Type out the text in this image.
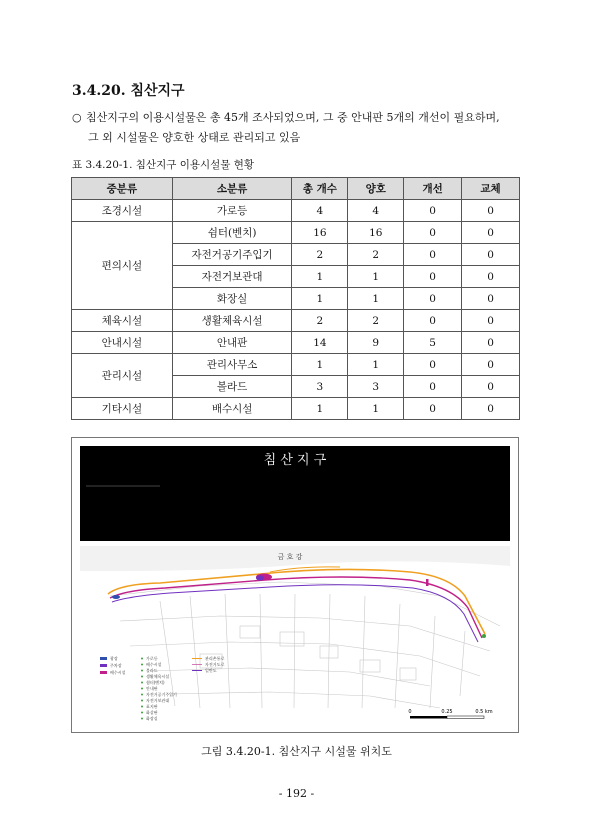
3.4.20. 침산지구
○ 침산지구의 이용시설물은 총 45개 조사되었으며, 그 중 안내판 5개의 개선이 필요하며,
그 외 시설물은 양호한 상태로 관리되고 있음
표 3.4.20-1. 침산지구 이용시설물 현황
중분류	소분류	총 개수	양호	개선	교체
조경시설	가로등	4	4	0	0
편의시설	쉼터(벤치)	16	16	0	0
	자전거공기주입기	2	2	0	0
	자전거보관대	1	1	0	0
	화장실	1	1	0	0
체육시설	생활체육시설	2	2	0	0
안내시설	안내판	14	9	5	0
관리시설	관리사무소	1	1	0	0
	볼라드	3	3	0	0
기타시설	배수시설	1	1	0	0
침 산 지 구
금 호 강
광장
주차장
배수시설
가로등
배수시설
볼라드
생활체육시설
쉼터(벤치)
안내판
자전거공기주입기
자전거보관대
표지판
화살판
화장실
관리촌통로
자전거도로
일반도
0	0.25	0.5 km
그림 3.4.20-1. 침산지구 시설물 위치도
- 192 -
